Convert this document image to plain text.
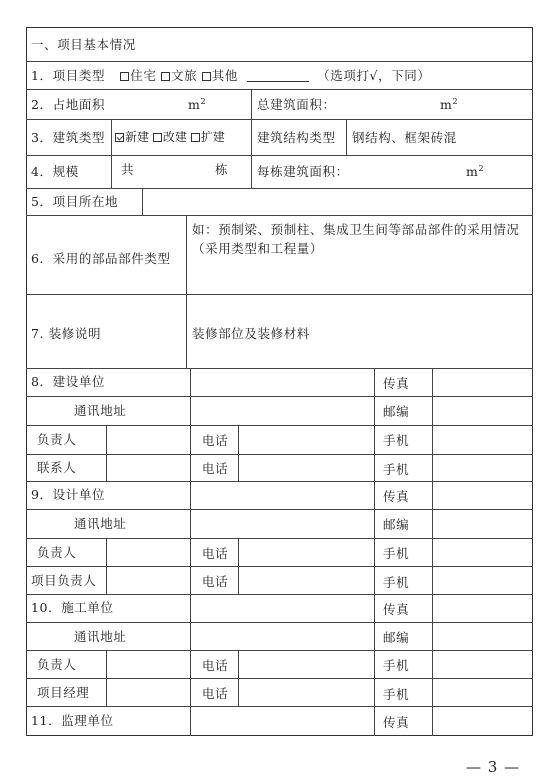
一、项目基本情况
1．项目类型 住宅 文旅 其他	（选项打√，下同）
2．占地面积	$m^2$	总建筑面积：	$m^2$
3．建筑类型	新建 改建 扩建	建筑结构类型 钢结构、框架砖混
4．规模	共	栋 每栋建筑面积：	$m^2$
5．项目所在地
6．采用的部品部件类型
如：预制梁、预制柱、集成卫生间等部品部件的采用情况（采用类型和工程量）
7. 装修说明	装修部位及装修材料
8．建设单位	传真
通讯地址	邮编
负责人	电话	手机
联系人	电话	手机
9．设计单位	传真
通讯地址	邮编
负责人	电话	手机
项目负责人	电话	手机
10．施工单位	传真
通讯地址	邮编
负责人	电话	手机
项目经理	电话	手机
11．监理单位	传真
— 3 —
